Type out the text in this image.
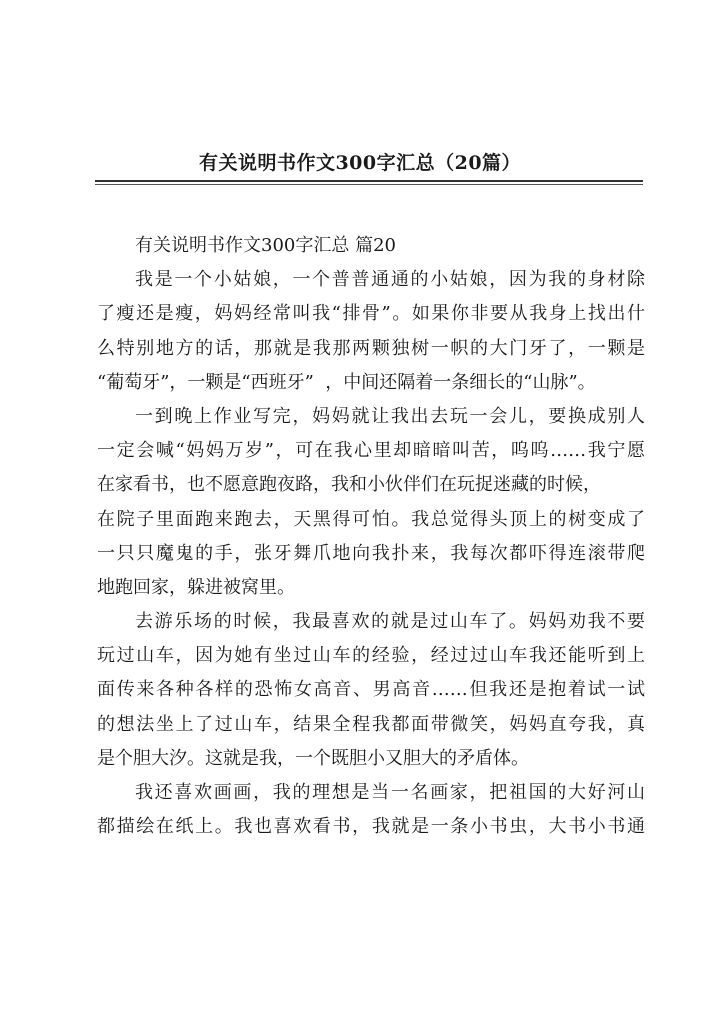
有关说明书作文300字汇总（20篇）
有关说明书作文300字汇总 篇20
我是一个小姑娘，一个普普通通的小姑娘，因为我的身材除
了瘦还是瘦，妈妈经常叫我“排骨”。如果你非要从我身上找出什
么特别地方的话，那就是我那两颗独树一帜的大门牙了，一颗是
“葡萄牙”，一颗是“西班牙”  ，中间还隔着一条细长的“山脉”。
一到晚上作业写完，妈妈就让我出去玩一会儿，要换成别人
一定会喊“妈妈万岁”，可在我心里却暗暗叫苦，呜呜……我宁愿
在家看书，也不愿意跑夜路，我和小伙伴们在玩捉迷藏的时候，
在院子里面跑来跑去，天黑得可怕。我总觉得头顶上的树变成了
一只只魔鬼的手，张牙舞爪地向我扑来，我每次都吓得连滚带爬
地跑回家，躲进被窝里。
去游乐场的时候，我最喜欢的就是过山车了。妈妈劝我不要
玩过山车，因为她有坐过山车的经验，经过过山车我还能听到上
面传来各种各样的恐怖女高音、男高音……但我还是抱着试一试
的想法坐上了过山车，结果全程我都面带微笑，妈妈直夸我，真
是个胆大汐。这就是我，一个既胆小又胆大的矛盾体。
我还喜欢画画，我的理想是当一名画家，把祖国的大好河山
都描绘在纸上。我也喜欢看书，我就是一条小书虫，大书小书通
